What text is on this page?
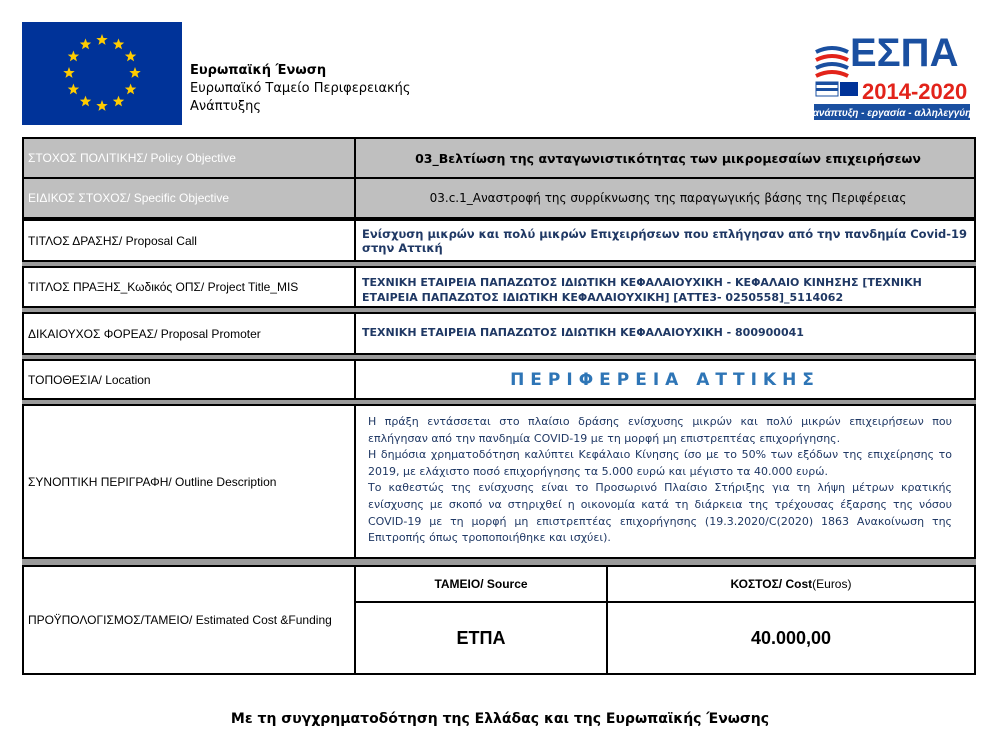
Ευρωπαϊκή Ένωση
Ευρωπαϊκό Ταμείο Περιφερειακής
Ανάπτυξης
ΕΣΠΑ
2014-2020
ανάπτυξη - εργασία - αλληλεγγύη
ΣΤΟΧΟΣ ΠΟΛΙΤΙΚΗΣ/ Policy Objective	03_Βελτίωση της ανταγωνιστικότητας των μικρομεσαίων επιχειρήσεων
ΕΙΔΙΚΟΣ ΣΤΟΧΟΣ/ Specific Objective	03.c.1_Αναστροφή της συρρίκνωσης της παραγωγικής βάσης της Περιφέρειας
ΤΙΤΛΟΣ ΔΡΑΣΗΣ/ Proposal Call	Ενίσχυση μικρών και πολύ μικρών Επιχειρήσεων που επλήγησαν από την πανδημία Covid-19 στην Αττική
ΤΙΤΛΟΣ ΠΡΑΞΗΣ_Κωδικός ΟΠΣ/ Project Title_MIS	ΤΕΧΝΙΚΗ ΕΤΑΙΡΕΙΑ ΠΑΠΑΖΩΤΟΣ ΙΔΙΩΤΙΚΗ ΚΕΦΑΛΑΙΟΥΧΙΚΗ - ΚΕΦΑΛΑΙΟ ΚΙΝΗΣΗΣ [ΤΕΧΝΙΚΗ
ΕΤΑΙΡΕΙΑ ΠΑΠΑΖΩΤΟΣ ΙΔΙΩΤΙΚΗ ΚΕΦΑΛΑΙΟΥΧΙΚΗ] [ΑΤΤΕ3- 0250558]_5114062
ΔΙΚΑΙΟΥΧΟΣ ΦΟΡΕΑΣ/ Proposal Promoter	ΤΕΧΝΙΚΗ ΕΤΑΙΡΕΙΑ ΠΑΠΑΖΩΤΟΣ ΙΔΙΩΤΙΚΗ ΚΕΦΑΛΑΙΟΥΧΙΚΗ - 800900041
ΤΟΠΟΘΕΣΙΑ/ Location	ΠΕΡΙΦΕΡΕΙΑ ΑΤΤΙΚΗΣ
ΣΥΝΟΠΤΙΚΗ ΠΕΡΙΓΡΑΦΗ/ Outline Description

Η πράξη εντάσσεται στο πλαίσιο δράσης ενίσχυσης μικρών και πολύ μικρών επιχειρήσεων που επλήγησαν από την πανδημία COVID-19 με τη μορφή μη επιστρεπτέας επιχορήγησης.

Η δημόσια χρηματοδότηση καλύπτει Κεφάλαιο Κίνησης ίσο με το 50% των εξόδων της επιχείρησης το 2019, με ελάχιστο ποσό επιχορήγησης τα 5.000 ευρώ και μέγιστο τα 40.000 ευρώ.

Το καθεστώς της ενίσχυσης είναι το Προσωρινό Πλαίσιο Στήριξης για τη λήψη μέτρων κρατικής ενίσχυσης με σκοπό να στηριχθεί η οικονομία κατά τη διάρκεια της τρέχουσας έξαρσης της νόσου COVID-19 με τη μορφή μη επιστρεπτέας επιχορήγησης (19.3.2020/C(2020) 1863 Ανακοίνωση της Επιτροπής όπως τροποποιήθηκε και ισχύει).

ΠΡΟΫΠΟΛΟΓΙΣΜΟΣ/ΤΑΜΕΙΟ/ Estimated Cost &Funding
ΤΑΜΕΙΟ/ Source	ΚΟΣΤΟΣ/ Cost (Euros)
ΕΤΠΑ	40.000,00
Με τη συγχρηματοδότηση της Ελλάδας και της Ευρωπαϊκής Ένωσης
